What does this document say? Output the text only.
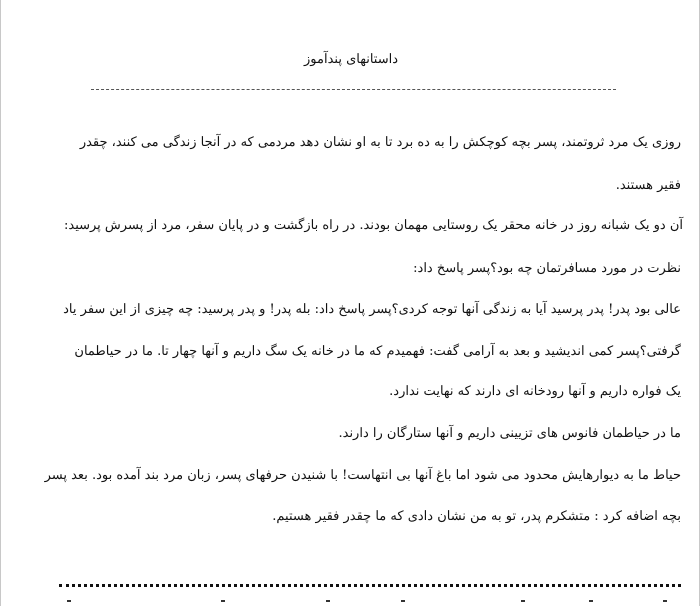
داستانهای پندآموز
روزی یک مرد ثروتمند، پسر بچه کوچکش را به ده برد تا به او نشان دهد مردمی که در آنجا زندگی می کنند، چقدر
فقیر هستند.
آن دو یک شبانه روز در خانه محقر یک روستایی مهمان بودند. در راه بازگشت و در پایان سفر، مرد از پسرش پرسید:
نظرت در مورد مسافرتمان چه بود؟پسر پاسخ داد:
عالی بود پدر! پدر پرسید آیا به زندگی آنها توجه کردی؟پسر پاسخ داد: بله پدر! و پدر پرسید: چه چیزی از این سفر یاد
گرفتی؟پسر کمی اندیشید و بعد به آرامی گفت: فهمیدم که ما در خانه یک سگ داریم و آنها چهار تا. ما در حیاطمان
یک فواره داریم و آنها رودخانه ای دارند که نهایت ندارد.
ما در حیاطمان فانوس های تزیینی داریم و آنها ستارگان را دارند.
حیاط ما به دیوارهایش محدود می شود اما باغ آنها بی انتهاست! با شنیدن حرفهای پسر، زبان مرد بند آمده بود. بعد پسر
بچه اضافه کرد : متشکرم پدر، تو به من نشان دادی که ما چقدر فقیر هستیم.
